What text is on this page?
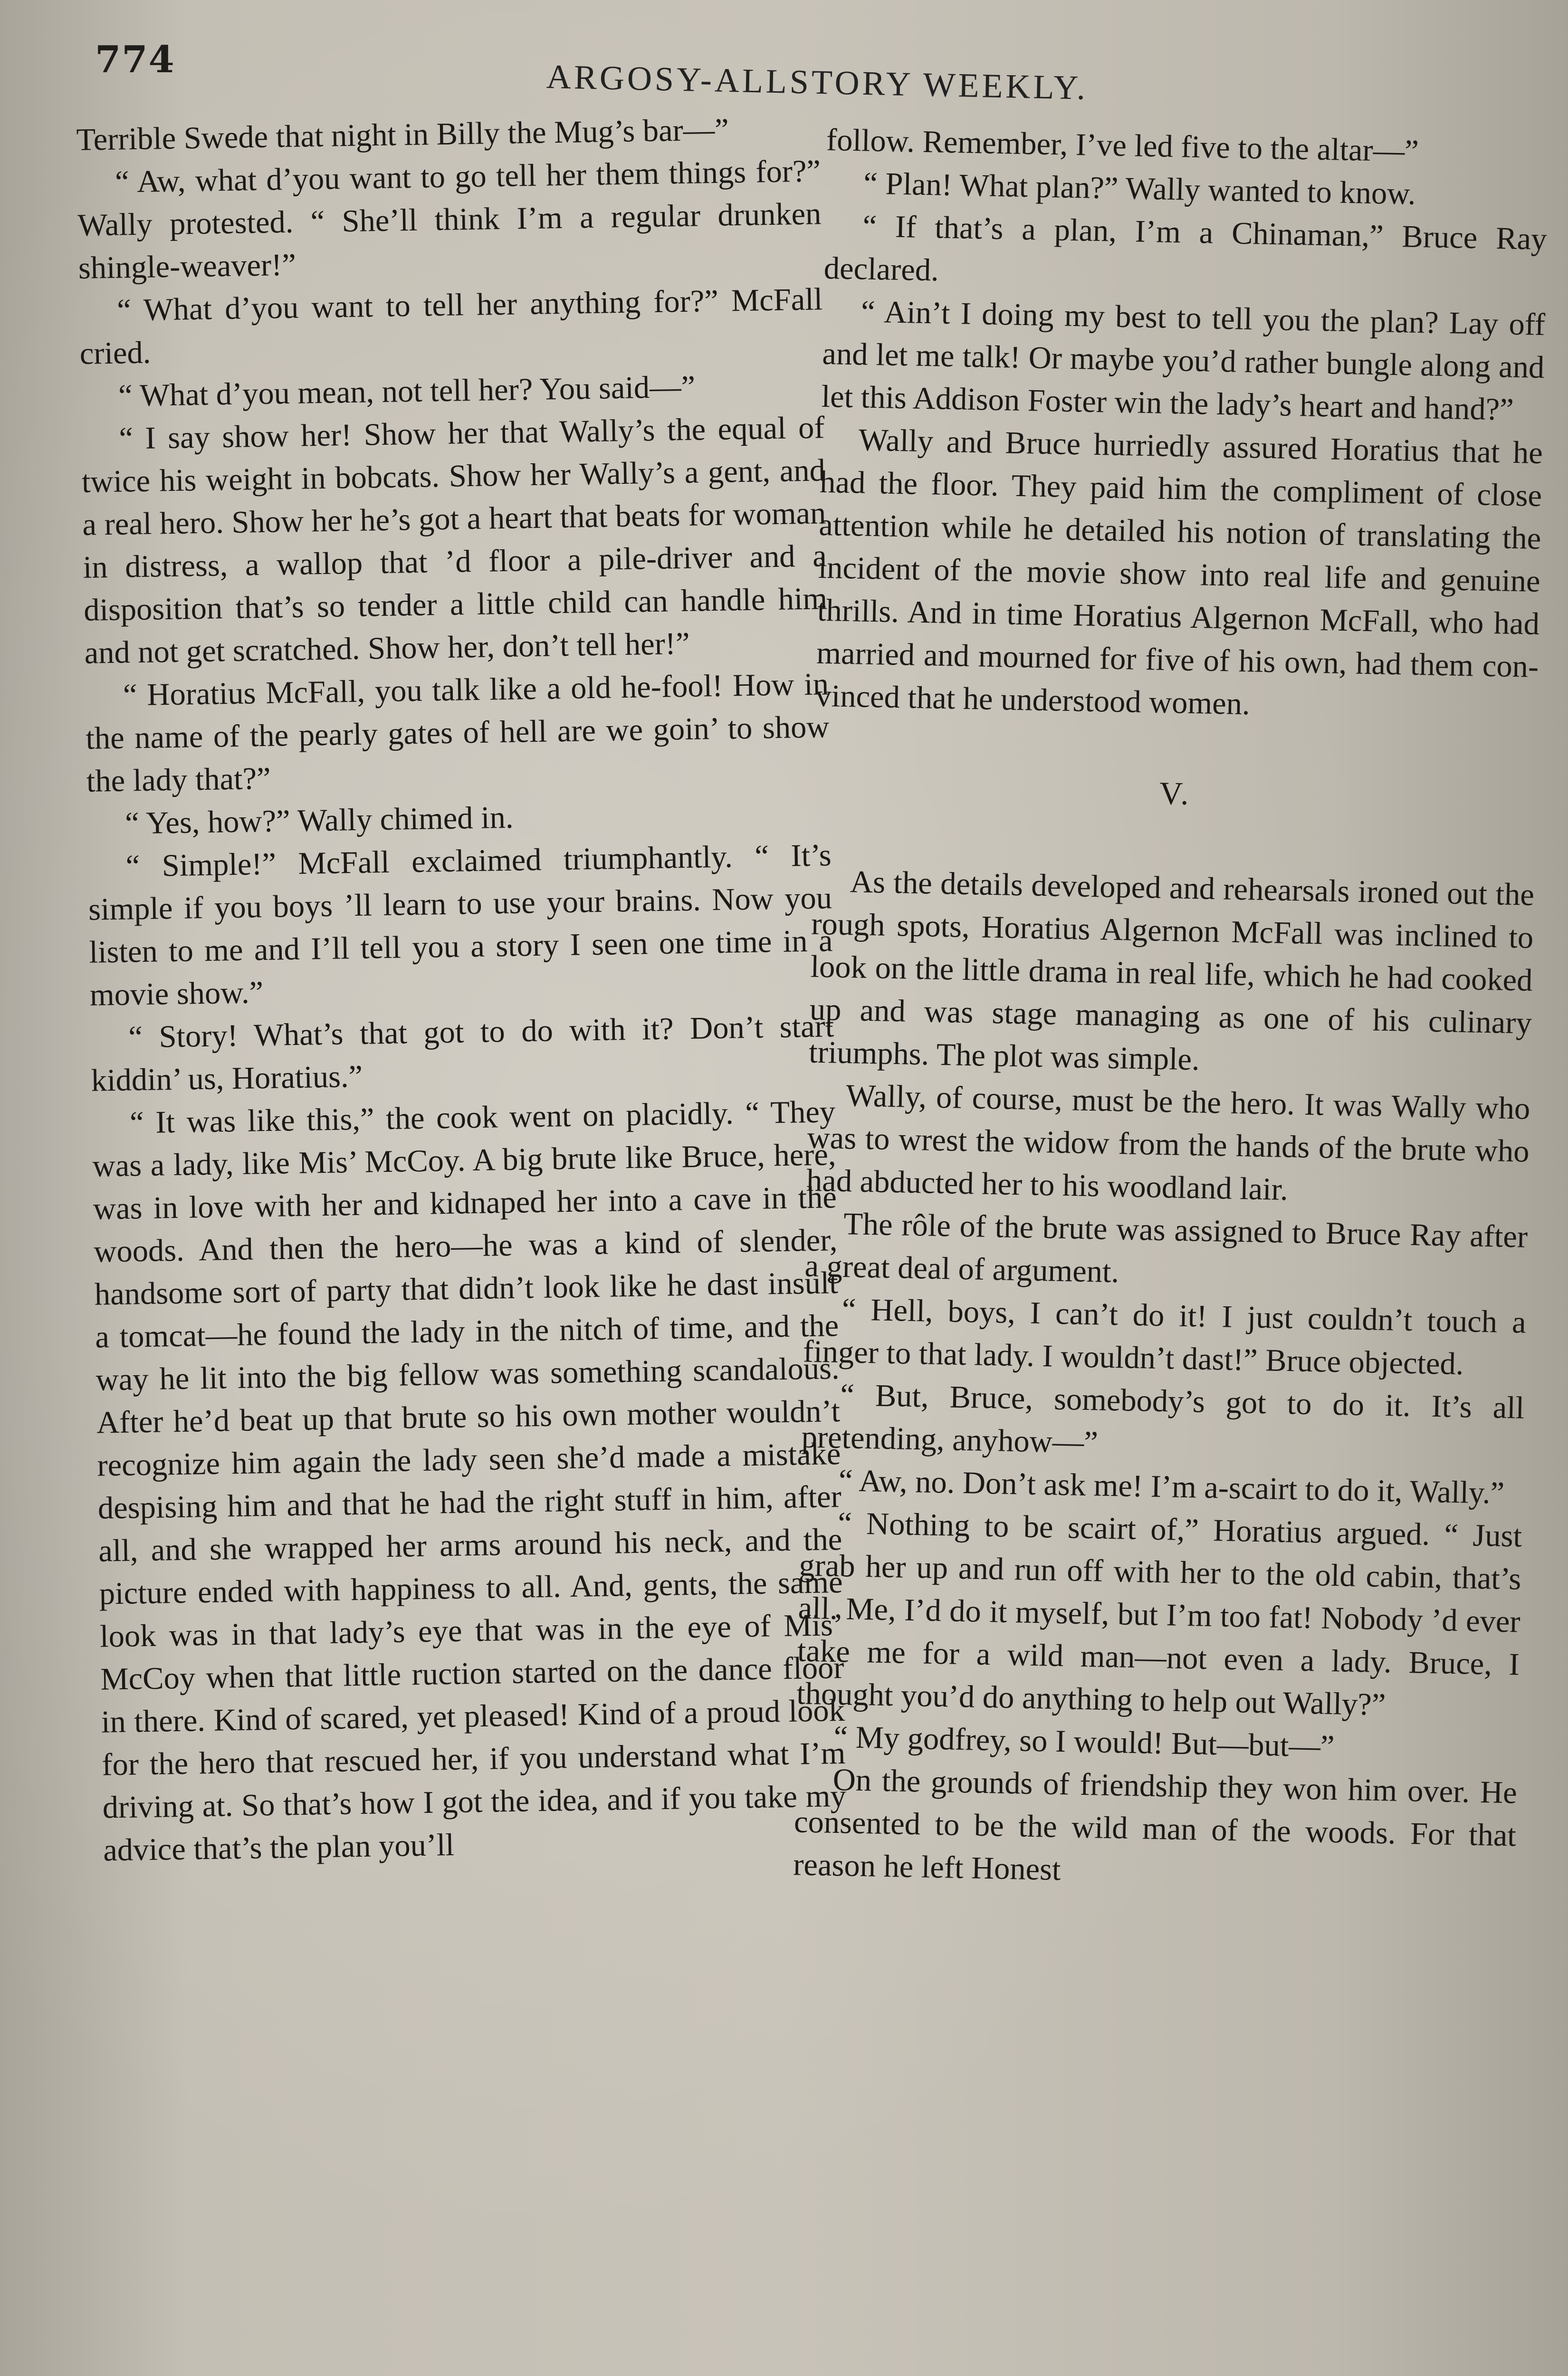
774	ARGOSY-ALLSTORY WEEKLY.

Terrible Swede that night in Billy the Mug’s bar—”

“ Aw, what d’you want to go tell her them things for?” Wally protested. “ She’ll think I’m a regular drunken shingle-weaver!”

“ What d’you want to tell her anything for?” McFall cried.

“ What d’you mean, not tell her? You said—”

“ I say show her! Show her that Wally’s the equal of twice his weight in bobcats. Show her Wally’s a gent, and a real hero. Show her he’s got a heart that beats for woman in distress, a wallop that ’d floor a pile-driver and a disposition that’s so tender a little child can handle him and not get scratched. Show her, don’t tell her!”

“ Horatius McFall, you talk like a old he-fool! How in the name of the pearly gates of hell are we goin’ to show the lady that?”

“ Yes, how?” Wally chimed in.

“ Simple!” McFall exclaimed triumphantly. “ It’s simple if you boys ’ll learn to use your brains. Now you listen to me and I’ll tell you a story I seen one time in a movie show.”

“ Story! What’s that got to do with it? Don’t start kiddin’ us, Horatius.”

“ It was like this,” the cook went on placidly. “ They was a lady, like Mis’ McCoy. A big brute like Bruce, here, was in love with her and kidnaped her into a cave in the woods. And then the hero—he was a kind of slender, handsome sort of party that didn’t look like he dast insult a tomcat—he found the lady in the nitch of time, and the way he lit into the big fellow was something scandalous. After he’d beat up that brute so his own mother wouldn’t recognize him again the lady seen she’d made a mistake despising him and that he had the right stuff in him, after all, and she wrapped her arms around his neck, and the picture ended with happiness to all. And, gents, the same look was in that lady’s eye that was in the eye of Mis’ McCoy when that little ruction started on the dance floor in there. Kind of scared, yet pleased! Kind of a proud look for the hero that rescued her, if you understand what I’m driving at. So that’s how I got the idea, and if you take my advice that’s the plan you’ll

follow. Remember, I’ve led five to the altar—”

“ Plan! What plan?” Wally wanted to know.

“ If that’s a plan, I’m a Chinaman,” Bruce Ray declared.

“ Ain’t I doing my best to tell you the plan? Lay off and let me talk! Or maybe you’d rather bungle along and let this Addison Foster win the lady’s heart and hand?”

Wally and Bruce hurriedly assured Horatius that he had the floor. They paid him the compliment of close attention while he detailed his notion of translating the incident of the movie show into real life and genuine thrills. And in time Horatius Algernon McFall, who had married and mourned for five of his own, had them convinced that he understood women.

V.

As the details developed and rehearsals ironed out the rough spots, Horatius Algernon McFall was inclined to look on the little drama in real life, which he had cooked up and was stage managing as one of his culinary triumphs. The plot was simple.

Wally, of course, must be the hero. It was Wally who was to wrest the widow from the hands of the brute who had abducted her to his woodland lair.

The rôle of the brute was assigned to Bruce Ray after a great deal of argument.

“ Hell, boys, I can’t do it! I just couldn’t touch a finger to that lady. I wouldn’t dast!” Bruce objected.

“ But, Bruce, somebody’s got to do it. It’s all pretending, anyhow—”

“ Aw, no. Don’t ask me! I’m a-scairt to do it, Wally.”

“ Nothing to be scairt of,” Horatius argued. “ Just grab her up and run off with her to the old cabin, that’s all. Me, I’d do it myself, but I’m too fat! Nobody ’d ever take me for a wild man—not even a lady. Bruce, I thought you’d do anything to help out Wally?”

“ My godfrey, so I would! But—but—”

On the grounds of friendship they won him over. He consented to be the wild man of the woods. For that reason he left Honest
